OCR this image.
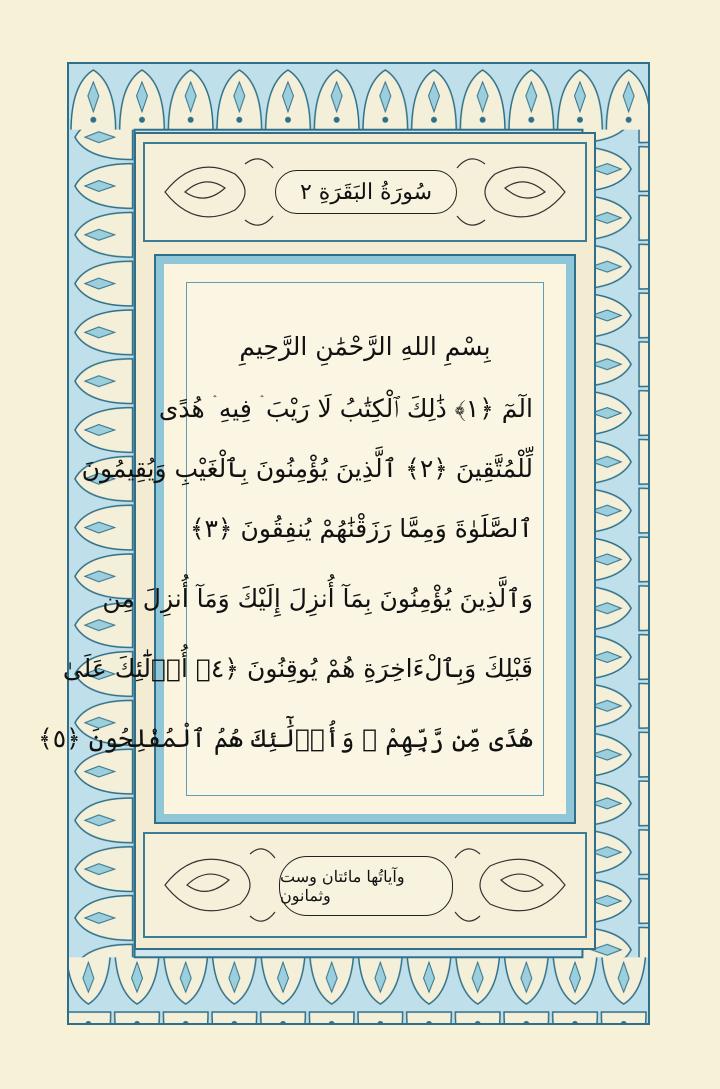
سُورَةُ البَقَرَةِ ٢
بِسْمِ اللهِ الرَّحْمَٰنِ الرَّحِيمِ
الٓمٓ ﴿١﴾ ذَٰلِكَ ٱلْكِتَٰبُ لَا رَيْبَ ۛ فِيهِ ۛ هُدًى
لِّلْمُتَّقِينَ ﴿٢﴾ ٱلَّذِينَ يُؤْمِنُونَ بِٱلْغَيْبِ وَيُقِيمُونَ
ٱلصَّلَوٰةَ وَمِمَّا رَزَقْنَٰهُمْ يُنفِقُونَ ﴿٣﴾
وَٱلَّذِينَ يُؤْمِنُونَ بِمَآ أُنزِلَ إِلَيْكَ وَمَآ أُنزِلَ مِن
قَبْلِكَ وَبِٱلْءَاخِرَةِ هُمْ يُوقِنُونَ ﴿٤﴾ أُو۟لَٰٓئِكَ عَلَىٰ
هُدًى مِّن رَّبِّهِمْ ۖ وَأُو۟لَٰٓئِكَ هُمُ ٱلْمُفْلِحُونَ ﴿٥﴾
وآياتُها مائتان وست وثمانون
